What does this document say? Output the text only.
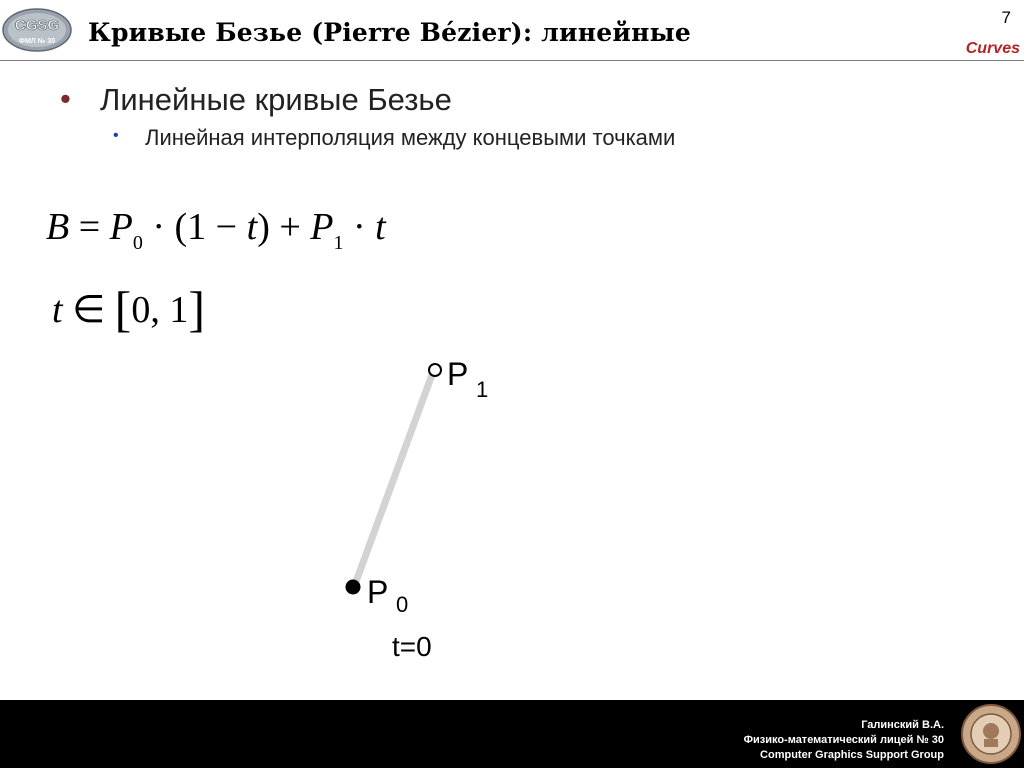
CGSG
ФМЛ № 30 Кривые Безье (Pierre Bézier): линейные
7
Curves
• Линейные кривые Безье
• Линейная интерполяция между концевыми точками
$B = P_0 \cdot (1 - t) + P_1 \cdot t$
t ∈ [0, 1]
P 1
P 0
t=0
Галинский В.А.
Физико-математический лицей № 30
Computer Graphics Support Group
